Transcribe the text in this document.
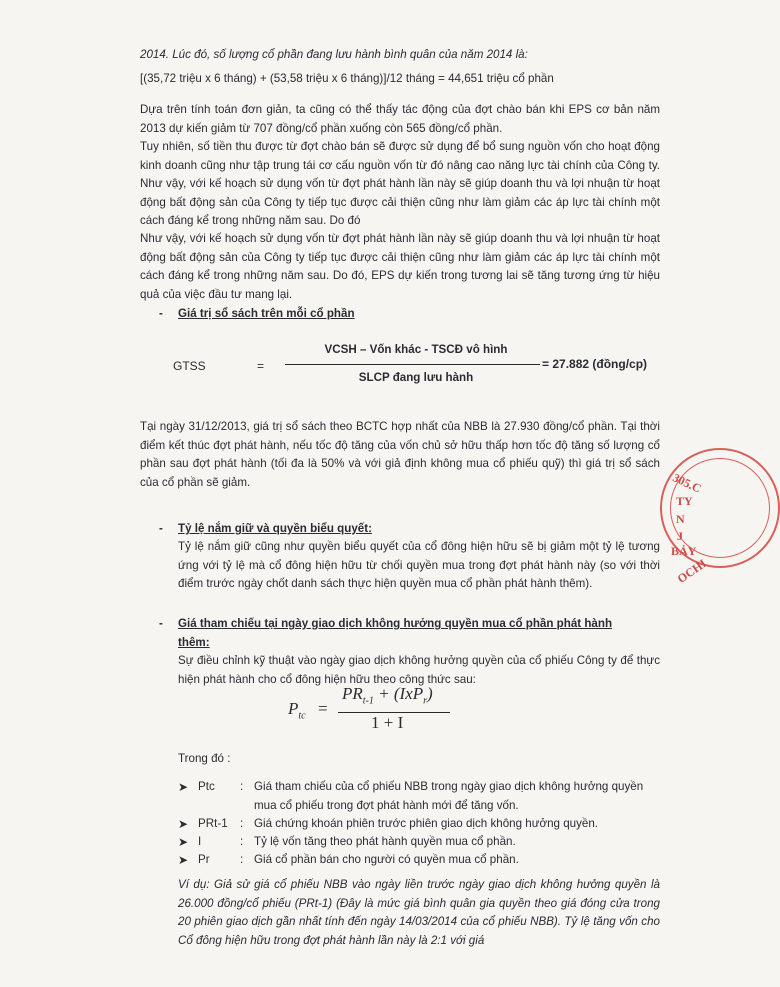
2014. Lúc đó, số lượng cổ phần đang lưu hành bình quân của năm 2014 là:

[(35,72 triệu x 6 tháng) + (53,58 triệu x 6 tháng)]/12 tháng = 44,651 triệu cổ phần

Dựa trên tính toán đơn giản, ta cũng có thể thấy tác động của đợt chào bán khi EPS cơ bản năm 2013 dự kiến giảm từ 707 đồng/cổ phần xuống còn 565 đồng/cổ phần.

Tuy nhiên, số tiền thu được từ đợt chào bán sẽ được sử dụng để bổ sung nguồn vốn cho hoạt động kinh doanh cũng như tập trung tái cơ cấu nguồn vốn từ đó nâng cao năng lực tài chính của Công ty. Như vậy, với kế hoạch sử dụng vốn từ đợt phát hành lần này sẽ giúp doanh thu và lợi nhuận từ hoạt động bất động sản của Công ty tiếp tục được cải thiện cũng như làm giảm các áp lực tài chính một cách đáng kể trong những năm sau. Do đó

Như vậy, với kế hoạch sử dụng vốn từ đợt phát hành lần này sẽ giúp doanh thu và lợi nhuận từ hoạt động bất động sản của Công ty tiếp tục được cải thiện cũng như làm giảm các áp lực tài chính một cách đáng kể trong những năm sau. Do đó, EPS dự kiến trong tương lai sẽ tăng tương ứng từ hiệu quả của việc đầu tư mang lại.

- Giá trị sổ sách trên mỗi cổ phần

GTSS	=
VCSH – Vốn khác - TSCĐ vô hình
SLCP đang lưu hành
= 27.882 (đồng/cp)

Tại ngày 31/12/2013, giá trị sổ sách theo BCTC hợp nhất của NBB là 27.930 đồng/cổ phần. Tại thời điểm kết thúc đợt phát hành, nếu tốc độ tăng của vốn chủ sở hữu thấp hơn tốc độ tăng số lượng cổ phần sau đợt phát hành (tối đa là 50% và với giả định không mua cổ phiếu quỹ) thì giá trị sổ sách của cổ phần sẽ giảm.

- Tỷ lệ nắm giữ và quyền biểu quyết:

Tỷ lệ nắm giữ cũng như quyền biểu quyết của cổ đông hiện hữu sẽ bị giảm một tỷ lệ tương ứng với tỷ lệ mà cổ đông hiện hữu từ chối quyền mua trong đợt phát hành này (so với thời điểm trước ngày chốt danh sách thực hiện quyền mua cổ phần phát hành thêm).

- Giá tham chiếu tại ngày giao dịch không hưởng quyền mua cổ phần phát hành
thêm:

Sự điều chỉnh kỹ thuật vào ngày giao dịch không hưởng quyền của cổ phiếu Công ty để thực hiện phát hành cho cổ đông hiện hữu theo công thức sau:

$P_{tc}$ =
$PR_{t-1} + (IxP_r)$
1 + I

Trong đó :

➤ Ptc : Giá tham chiếu của cổ phiếu NBB trong ngày giao dịch không hưởng quyền mua cổ phiếu trong đợt phát hành mới để tăng vốn.
➤ PRt-1 : Giá chứng khoán phiên trước phiên giao dịch không hưởng quyền.
➤ I	: Tỷ lệ vốn tăng theo phát hành quyền mua cổ phần.
➤ Pr	: Giá cổ phần bán cho người có quyền mua cổ phần.

Ví dụ: Giả sử giá cổ phiếu NBB vào ngày liền trước ngày giao dịch không hưởng quyền là 26.000 đồng/cổ phiếu (PRt-1) (Đây là mức giá bình quân gia quyền theo giá đóng cửa trong 20 phiên giao dịch gần nhất tính đến ngày 14/03/2014 của cổ phiếu NBB). Tỷ lệ tăng vốn cho Cổ đông hiện hữu trong đợt phát hành lần này là 2:1 với giá

305.C
TY
N
J
BẢY
OCHI
